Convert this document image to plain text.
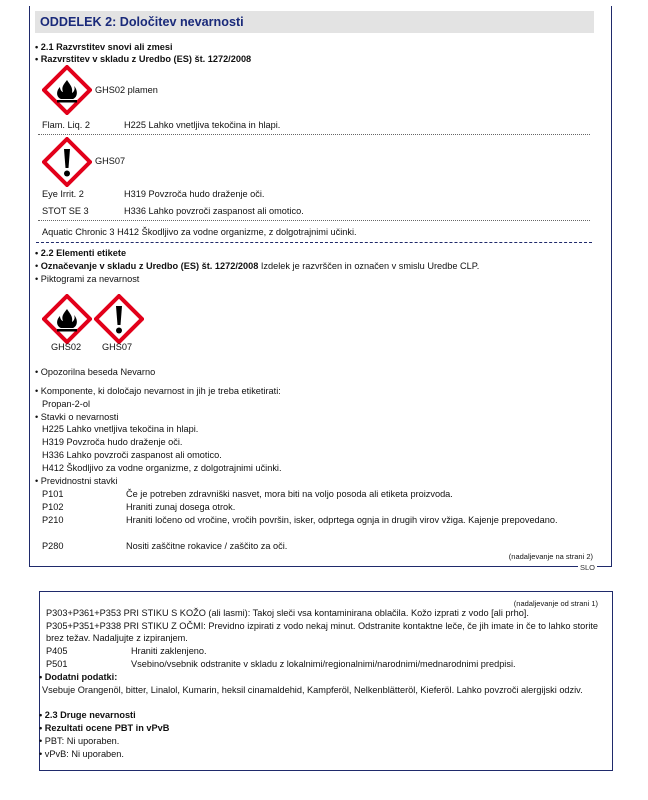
ODDELEK 2: Določitev nevarnosti
• 2.1 Razvrstitev snovi ali zmesi
• Razvrstitev v skladu z Uredbo (ES) št. 1272/2008
GHS02 plamen
Flam. Liq. 2	H225 Lahko vnetljiva tekočina in hlapi.
GHS07
Eye Irrit. 2	H319 Povzroča hudo draženje oči.
STOT SE 3	H336 Lahko povzroči zaspanost ali omotico.
Aquatic Chronic 3 H412 Škodljivo za vodne organizme, z dolgotrajnimi učinki.
• 2.2 Elementi etikete
• Označevanje v skladu z Uredbo (ES) št. 1272/2008 Izdelek je razvrščen in označen v smislu Uredbe CLP.
• Piktogrami za nevarnost
GHS02 GHS07
• Opozorilna beseda Nevarno
• Komponente, ki določajo nevarnost in jih je treba etiketirati:
Propan-2-ol
• Stavki o nevarnosti
H225 Lahko vnetljiva tekočina in hlapi.
H319 Povzroča hudo draženje oči.
H336 Lahko povzroči zaspanost ali omotico.
H412 Škodljivo za vodne organizme, z dolgotrajnimi učinki.
• Previdnostni stavki
P101	Če je potreben zdravniški nasvet, mora biti na voljo posoda ali etiketa proizvoda.
P102	Hraniti zunaj dosega otrok.
P210	Hraniti ločeno od vročine, vročih površin, isker, odprtega ognja in drugih virov vžiga. Kajenje prepovedano.
P280	Nositi zaščitne rokavice / zaščito za oči.
(nadaljevanje na strani 2)
SLO
(nadaljevanje od strani 1)
P303+P361+P353 PRI STIKU S KOŽO (ali lasmi): Takoj sleči vsa kontaminirana oblačila. Kožo izprati z vodo [ali prho].
P305+P351+P338 PRI STIKU Z OČMI: Previdno izpirati z vodo nekaj minut. Odstranite kontaktne leče, če jih imate in če to lahko storite brez težav. Nadaljujte z izpiranjem.
P405	Hraniti zaklenjeno.
P501	Vsebino/vsebnik odstranite v skladu z lokalnimi/regionalnimi/narodnimi/mednarodnimi predpisi.
• Dodatni podatki:
Vsebuje Orangenöl, bitter, Linalol, Kumarin, heksil cinamaldehid, Kampferöl, Nelkenblätteröl, Kieferöl. Lahko povzroči alergijski odziv.
• 2.3 Druge nevarnosti
• Rezultati ocene PBT in vPvB
• PBT: Ni uporaben.
• vPvB: Ni uporaben.
